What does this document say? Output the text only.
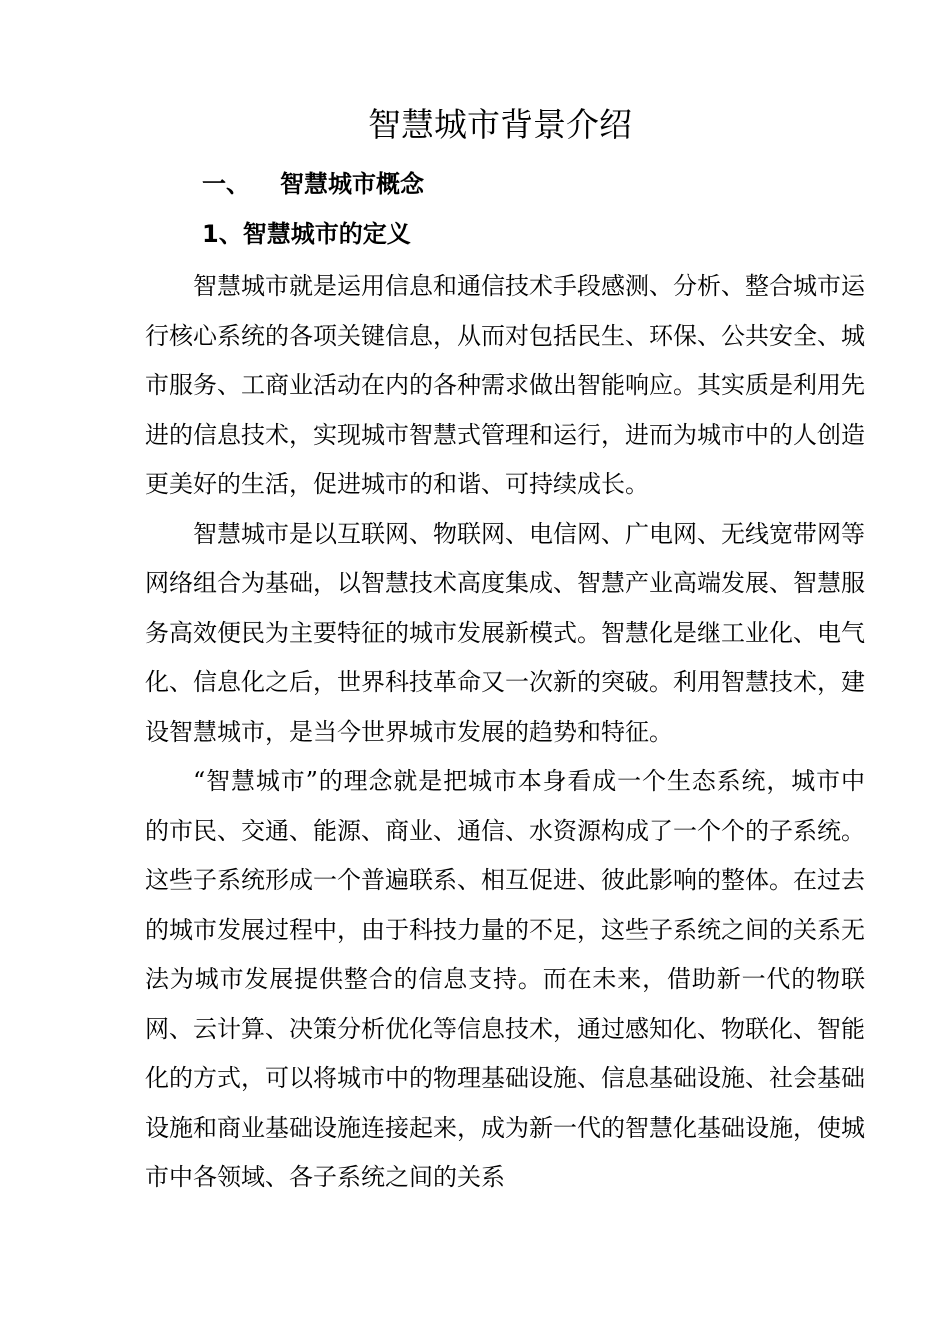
智慧城市背景介绍
一、 智慧城市概念
1、智慧城市的定义

智慧城市就是运用信息和通信技术手段感测、分析、整合城市运行核心系统的各项关键信息，从而对包括民生、环保、公共安全、城市服务、工商业活动在内的各种需求做出智能响应。其实质是利用先进的信息技术，实现城市智慧式管理和运行，进而为城市中的人创造更美好的生活，促进城市的和谐、可持续成长。

智慧城市是以互联网、物联网、电信网、广电网、无线宽带网等网络组合为基础，以智慧技术高度集成、智慧产业高端发展、智慧服务高效便民为主要特征的城市发展新模式。智慧化是继工业化、电气化、信息化之后，世界科技革命又一次新的突破。利用智慧技术，建设智慧城市，是当今世界城市发展的趋势和特征。

“智慧城市”的理念就是把城市本身看成一个生态系统，城市中的市民、交通、能源、商业、通信、水资源构成了一个个的子系统。这些子系统形成一个普遍联系、相互促进、彼此影响的整体。在过去的城市发展过程中，由于科技力量的不足，这些子系统之间的关系无法为城市发展提供整合的信息支持。而在未来，借助新一代的物联网、云计算、决策分析优化等信息技术，通过感知化、物联化、智能化的方式，可以将城市中的物理基础设施、信息基础设施、社会基础设施和商业基础设施连接起来，成为新一代的智慧化基础设施，使城市中各领域、各子系统之间的关系
